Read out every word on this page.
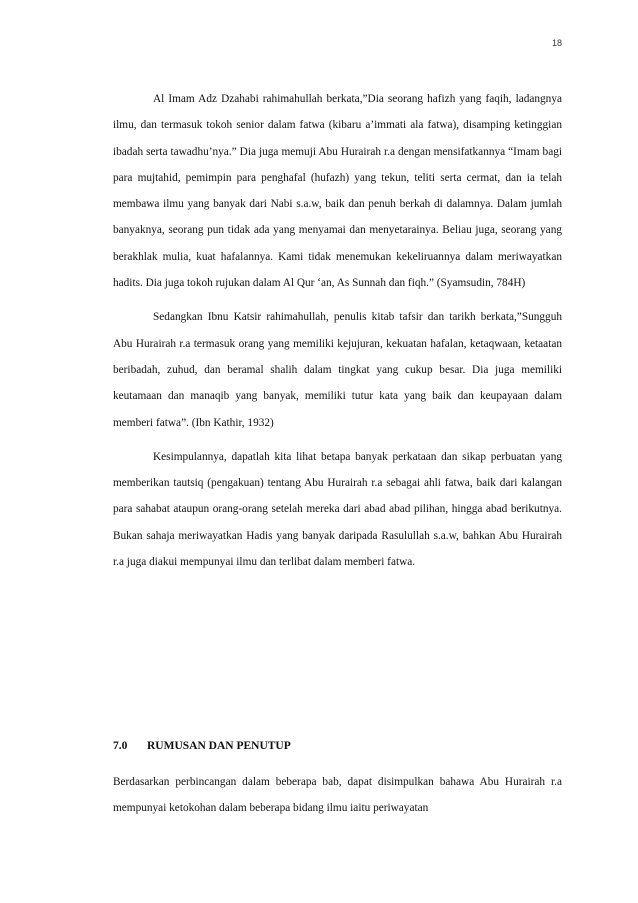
18

Al Imam Adz Dzahabi rahimahullah berkata,”Dia seorang hafizh yang faqih, ladangnya ilmu, dan termasuk tokoh senior dalam fatwa (kibaru a’immati ala fatwa), disamping ketinggian ibadah serta tawadhu’nya.” Dia juga memuji Abu Hurairah r.a dengan mensifatkannya “Imam bagi para mujtahid, pemimpin para penghafal (hufazh) yang tekun, teliti serta cermat, dan ia telah membawa ilmu yang banyak dari Nabi s.a.w, baik dan penuh berkah di dalamnya. Dalam jumlah banyaknya, seorang pun tidak ada yang menyamai dan menyetarainya. Beliau juga, seorang yang berakhlak mulia, kuat hafalannya. Kami tidak menemukan kekeliruannya dalam meriwayatkan hadits. Dia juga tokoh rujukan dalam Al Qur ‘an, As Sunnah dan fiqh.” (Syamsudin, 784H)

Sedangkan Ibnu Katsir rahimahullah, penulis kitab tafsir dan tarikh berkata,”Sungguh Abu Hurairah r.a termasuk orang yang memiliki kejujuran, kekuatan hafalan, ketaqwaan, ketaatan beribadah, zuhud, dan beramal shalih dalam tingkat yang cukup besar. Dia juga memiliki keutamaan dan manaqib yang banyak, memiliki tutur kata yang baik dan keupayaan dalam memberi fatwa”. (Ibn Kathir, 1932)

Kesimpulannya, dapatlah kita lihat betapa banyak perkataan dan sikap perbuatan yang memberikan tautsiq (pengakuan) tentang Abu Hurairah r.a sebagai ahli fatwa, baik dari kalangan para sahabat ataupun orang-orang setelah mereka dari abad abad pilihan, hingga abad berikutnya. Bukan sahaja meriwayatkan Hadis yang banyak daripada Rasulullah s.a.w, bahkan Abu Hurairah r.a juga diakui mempunyai ilmu dan terlibat dalam memberi fatwa.

7.0	RUMUSAN DAN PENUTUP

Berdasarkan perbincangan dalam beberapa bab, dapat disimpulkan bahawa Abu Hurairah r.a mempunyai ketokohan dalam beberapa bidang ilmu iaitu periwayatan
